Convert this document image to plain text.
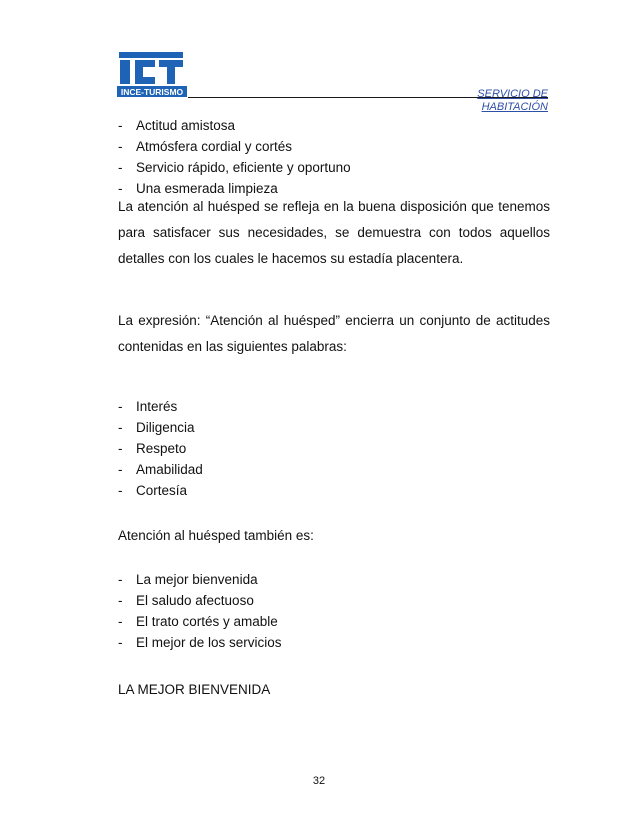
INCE-TURISMO	SERVICIO DE
HABITACIÓN
-	Actitud amistosa
-	Atmósfera cordial y cortés
-	Servicio rápido, eficiente y oportuno
-	Una esmerada limpieza

La atención al huésped se refleja en la buena disposición que tenemos para satisfacer sus necesidades, se demuestra con todos aquellos detalles con los cuales le hacemos su estadía placentera.

La expresión: “Atención al huésped” encierra un conjunto de actitudes contenidas en las siguientes palabras:

-	Interés
-	Diligencia
-	Respeto
-	Amabilidad
-	Cortesía

Atención al huésped también es:

-	La mejor bienvenida
-	El saludo afectuoso
-	El trato cortés y amable
-	El mejor de los servicios

LA MEJOR BIENVENIDA

32
